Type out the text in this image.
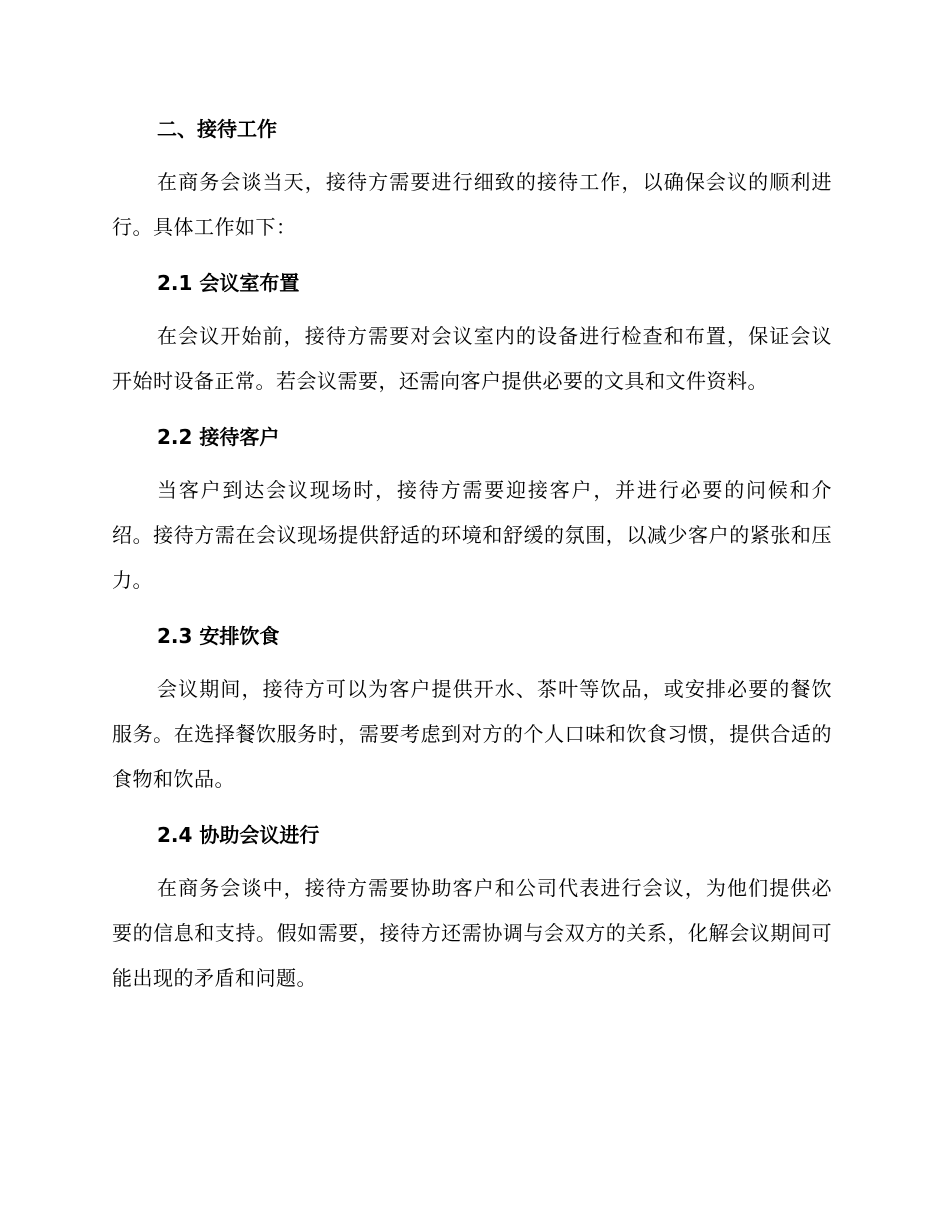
二、接待工作

在商务会谈当天，接待方需要进行细致的接待工作，以确保会议的顺利进行。具体工作如下：

2.1 会议室布置

在会议开始前，接待方需要对会议室内的设备进行检查和布置，保证会议开始时设备正常。若会议需要，还需向客户提供必要的文具和文件资料。

2.2 接待客户

当客户到达会议现场时，接待方需要迎接客户，并进行必要的问候和介绍。接待方需在会议现场提供舒适的环境和舒缓的氛围，以减少客户的紧张和压力。

2.3 安排饮食

会议期间，接待方可以为客户提供开水、茶叶等饮品，或安排必要的餐饮服务。在选择餐饮服务时，需要考虑到对方的个人口味和饮食习惯，提供合适的食物和饮品。

2.4 协助会议进行

在商务会谈中，接待方需要协助客户和公司代表进行会议，为他们提供必要的信息和支持。假如需要，接待方还需协调与会双方的关系，化解会议期间可能出现的矛盾和问题。
